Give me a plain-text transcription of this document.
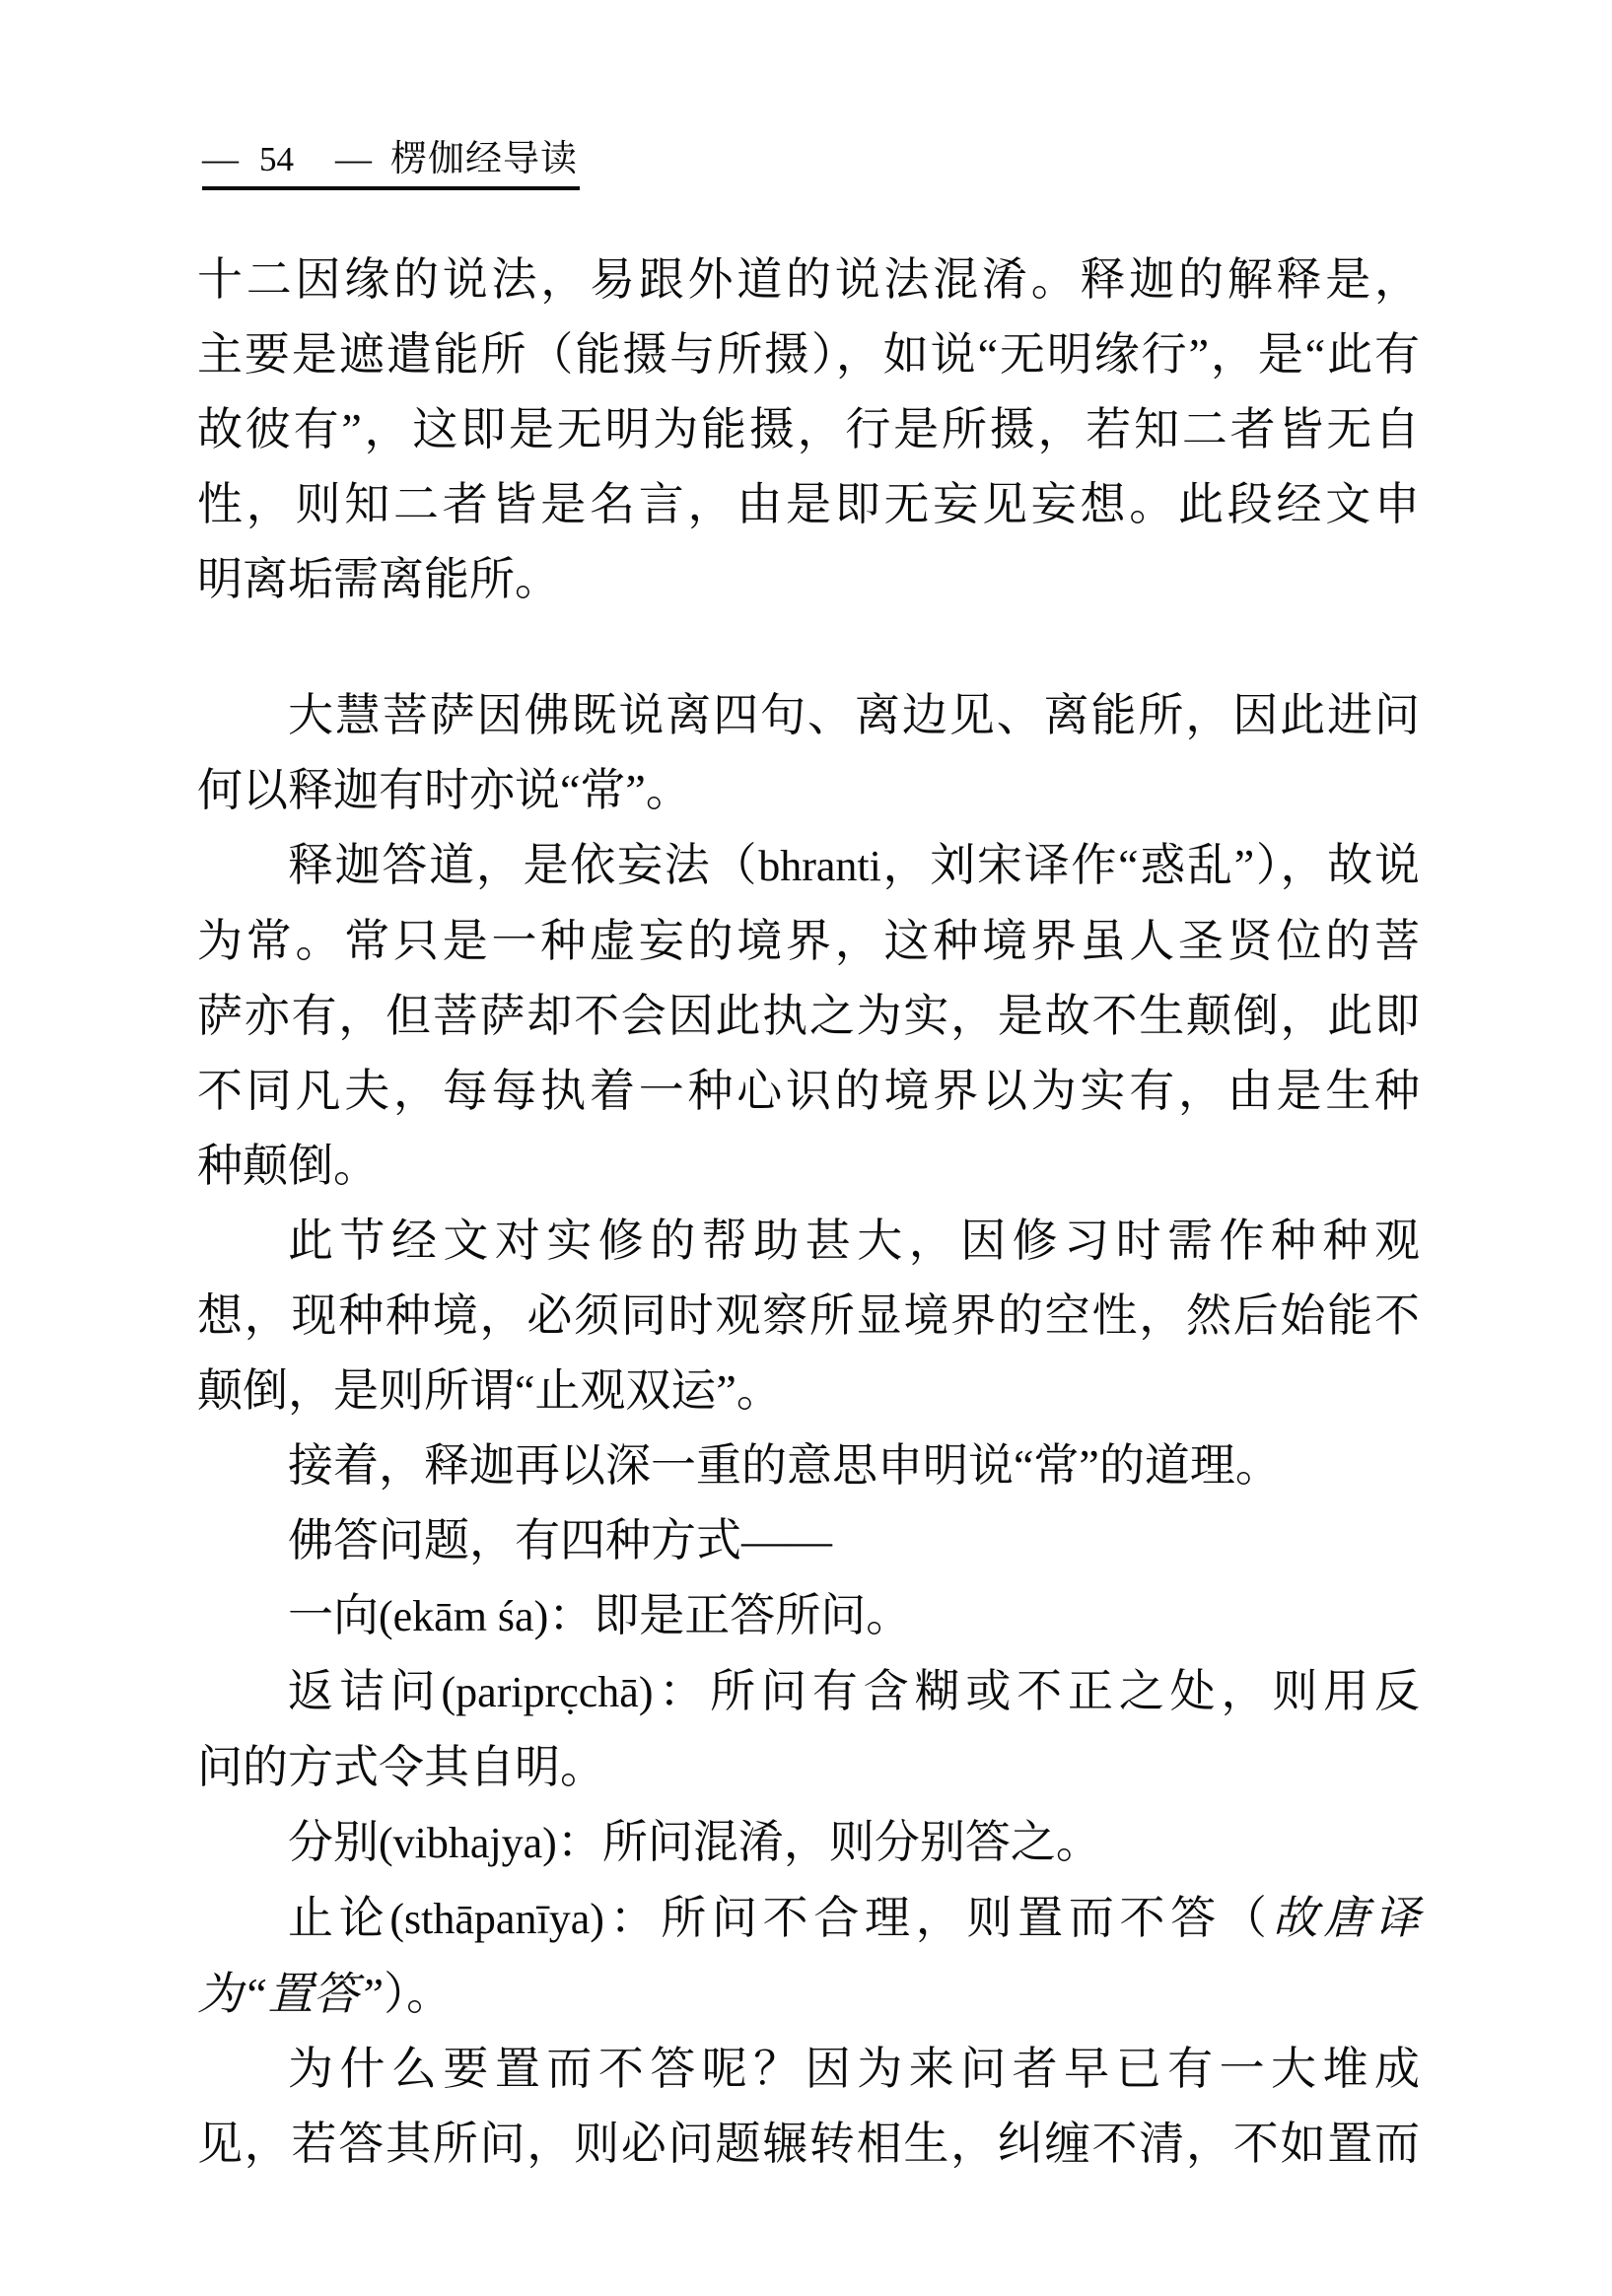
— 54 — 楞伽经导读
十二因缘的说法，易跟外道的说法混淆。释迦的解释是，
主要是遮遣能所（能摄与所摄），如说“无明缘行”，是“此有
故彼有”，这即是无明为能摄，行是所摄，若知二者皆无自
性，则知二者皆是名言，由是即无妄见妄想。此段经文申
明离垢需离能所。
大慧菩萨因佛既说离四句、离边见、离能所，因此进问
何以释迦有时亦说“常”。
释迦答道，是依妄法（bhranti，刘宋译作“惑乱”），故说
为常。常只是一种虚妄的境界，这种境界虽人圣贤位的菩
萨亦有，但菩萨却不会因此执之为实，是故不生颠倒，此即
不同凡夫，每每执着一种心识的境界以为实有，由是生种
种颠倒。
此节经文对实修的帮助甚大，因修习时需作种种观
想，现种种境，必须同时观察所显境界的空性，然后始能不
颠倒，是则所谓“止观双运”。
接着，释迦再以深一重的意思申明说“常”的道理。
佛答问题，有四种方式——
一向(ekām śa)：即是正答所问。
返诘问(pariprc̣chā)：所问有含糊或不正之处，则用反
问的方式令其自明。
分别(vibhajya)：所问混淆，则分别答之。
止论(sthāpanīya)：所问不合理，则置而不答（故唐译
为“置答”）。
为什么要置而不答呢？因为来问者早已有一大堆成
见，若答其所问，则必问题辗转相生，纠缠不清，不如置而
